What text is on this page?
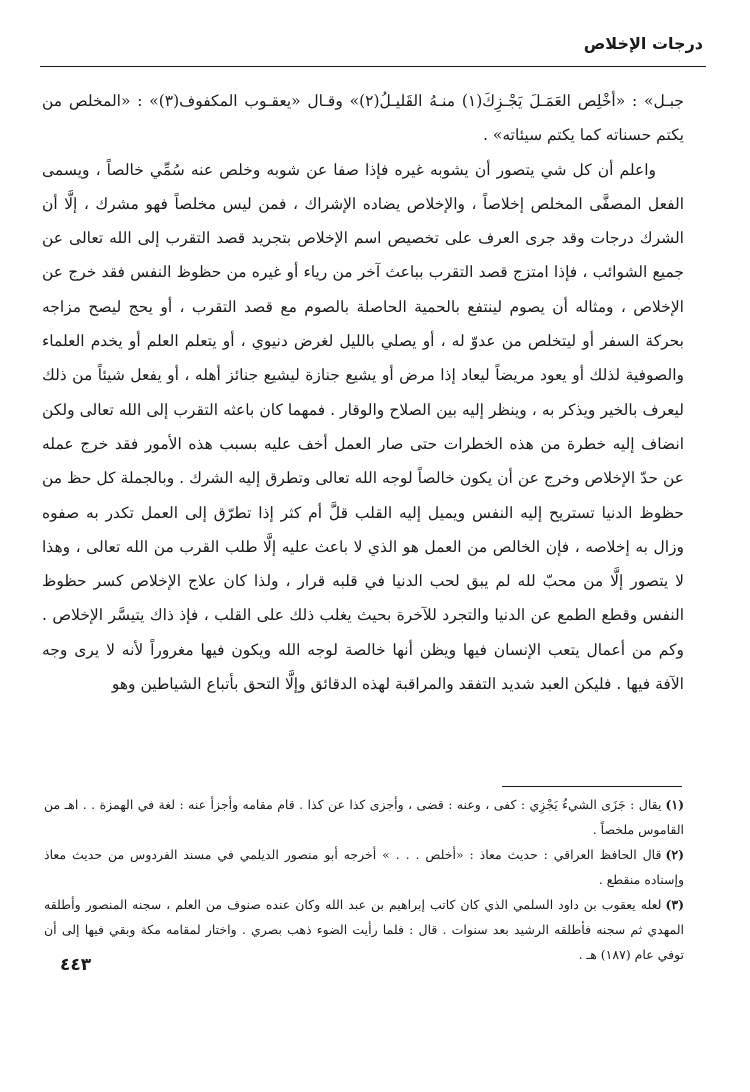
درجات الإخلاص

جبـل» : «أخْلِص العَمَـلَ يَجْـزِكَ(١) منـهُ القَليـلُ(٢)» وقـال «يعقـوب المكفوف(٣)» : «المخلص من يكتم حسناته كما يكتم سيئاته» .

واعلم أن كل شي يتصور أن يشوبه غيره فإذا صفا عن شوبه وخلص عنه سُمِّي خالصاً ، ويسمى الفعل المصفَّى المخلص إخلاصاً ، والإخلاص يضاده الإشراك ، فمن ليس مخلصاً فهو مشرك ، إلَّا أن الشرك درجات وقد جرى العرف على تخصيص اسم الإخلاص بتجريد قصد التقرب إلى الله تعالى عن جميع الشوائب ، فإذا امتزج قصد التقرب بباعث آخر من رياء أو غيره من حظوظ النفس فقد خرج عن الإخلاص ، ومثاله أن يصوم لينتفع بالحمية الحاصلة بالصوم مع قصد التقرب ، أو يحج ليصح مزاجه بحركة السفر أو ليتخلص من عدوّ له ، أو يصلي بالليل لغرض دنيوي ، أو يتعلم العلم أو يخدم العلماء والصوفية لذلك أو يعود مريضاً ليعاد إذا مرض أو يشيع جنازة ليشيع جنائز أهله ، أو يفعل شيئاً من ذلك ليعرف بالخير ويذكر به ، وينظر إليه بين الصلاح والوقار . فمهما كان باعثه التقرب إلى الله تعالى ولكن انضاف إليه خطرة من هذه الخطرات حتى صار العمل أخف عليه بسبب هذه الأمور فقد خرج عمله عن حدّ الإخلاص وخرج عن أن يكون خالصاً لوجه الله تعالى وتطرق إليه الشرك . وبالجملة كل حظ من حظوظ الدنيا تستريح إليه النفس ويميل إليه القلب قلَّ أم كثر إذا تطرّق إلى العمل تكدر به صفوه وزال به إخلاصه ، فإن الخالص من العمل هو الذي لا باعث عليه إلَّا طلب القرب من الله تعالى ، وهذا لا يتصور إلَّا من محبّ لله لم يبق لحب الدنيا في قلبه قرار ، ولذا كان علاج الإخلاص كسر حظوظ النفس وقطع الطمع عن الدنيا والتجرد للآخرة بحيث يغلب ذلك على القلب ، فإذ ذاك يتيسَّر الإخلاص . وكم من أعمال يتعب الإنسان فيها ويظن أنها خالصة لوجه الله ويكون فيها مغروراً لأنه لا يرى وجه الآفة فيها . فليكن العبد شديد التفقد والمراقبة لهذه الدقائق وإلَّا التحق بأتباع الشياطين وهو

(١)يقال : جَزَى الشيءُ يَجْزِي : كفى ، وعنه : قضى ، وأجزى كذا عن كذا . قام مقامه وأجزأ عنه : لغة في الهمزة . . اهـ من القاموس ملخصاً .

(٢)قال الحافظ العراقي : حديث معاذ : «أخلص . . . » أخرجه أبو منصور الديلمي في مسند الفردوس من حديث معاذ وإسناده منقطع .

(٣)لعله يعقوب بن داود السلمي الذي كان كاتب إبراهيم بن عبد الله وكان عنده صنوف من العلم ، سجنه المنصور وأطلقه المهدي ثم سجنه فأطلقه الرشيد بعد سنوات . قال : فلما رأيت الضوء ذهب بصري . واختار لمقامه مكة وبقي فيها إلى أن توفي عام (١٨٧) هـ .

٤٤٣
